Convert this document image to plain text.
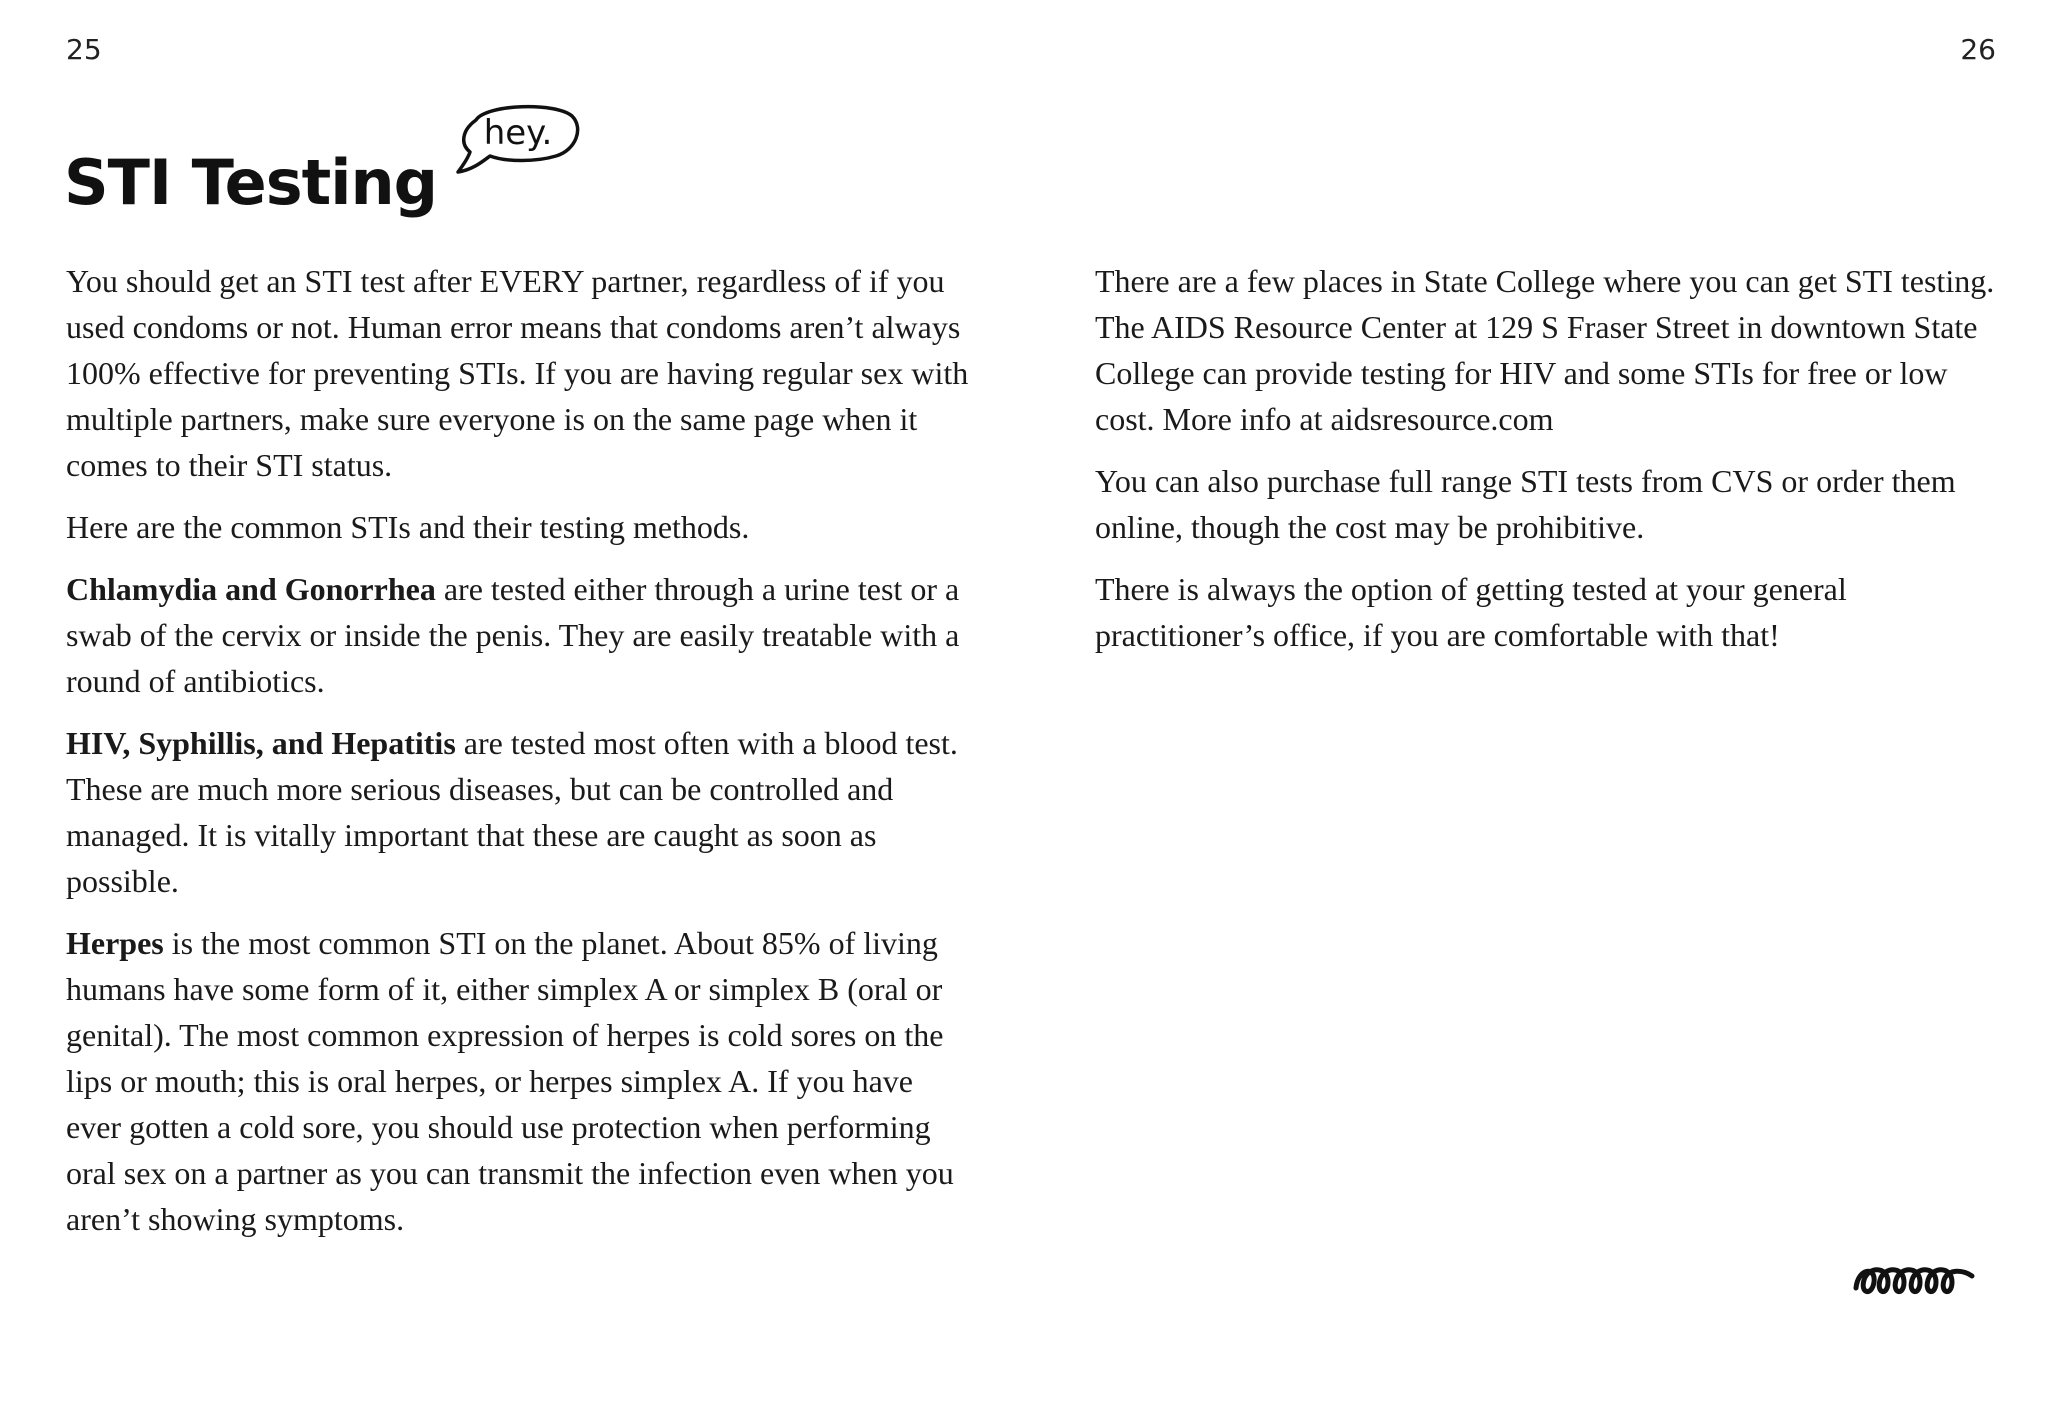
25	26
STI Testing
hey.

You should get an STI test after EVERY partner, regardless of if you used condoms or not. Human error means that condoms aren’t always 100% effective for preventing STIs. If you are having regular sex with multiple partners, make sure everyone is on the same page when it comes to their STI status.

Here are the common STIs and their testing methods.

Chlamydia and Gonorrhea are tested either through a urine test or a swab of the cervix or inside the penis. They are easily treatable with a round of antibiotics.

HIV, Syphillis, and Hepatitis are tested most often with a blood test. These are much more serious diseases, but can be controlled and managed. It is vitally important that these are caught as soon as possible.

Herpes is the most common STI on the planet. About 85% of living humans have some form of it, either simplex A or simplex B (oral or genital). The most common expression of herpes is cold sores on the lips or mouth; this is oral herpes, or herpes simplex A. If you have ever gotten a cold sore, you should use protection when performing oral sex on a partner as you can transmit the infection even when you aren’t showing symptoms.

There are a few places in State College where you can get STI testing. The AIDS Resource Center at 129 S Fraser Street in downtown State College can provide testing for HIV and some STIs for free or low cost. More info at aidsresource.com

You can also purchase full range STI tests from CVS or order them online, though the cost may be prohibitive.

There is always the option of getting tested at your general practitioner’s office, if you are comfortable with that!
